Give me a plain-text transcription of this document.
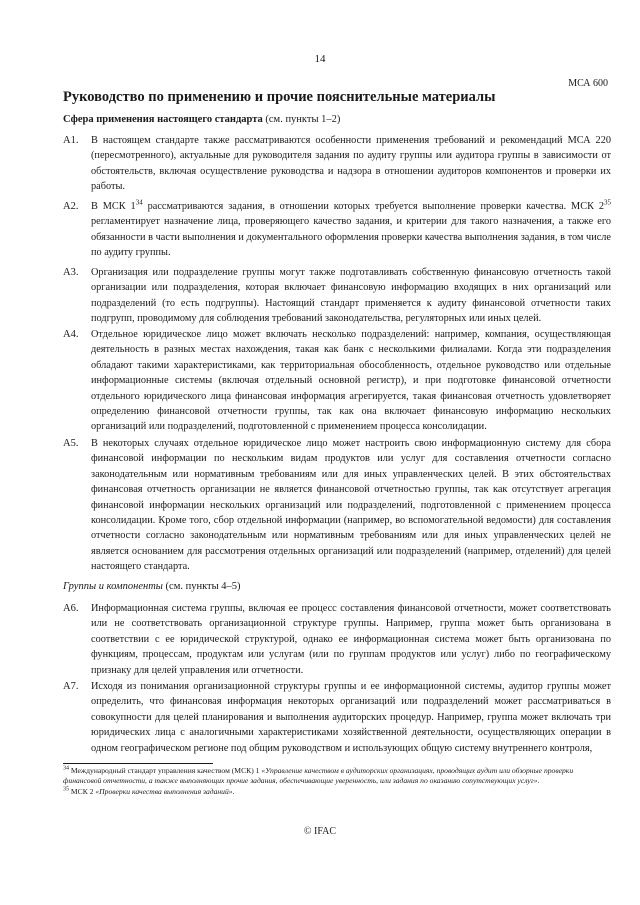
14
МСА 600
Руководство по применению и прочие пояснительные материалы
Сфера применения настоящего стандарта (см. пункты 1–2)
A1.	В настоящем стандарте также рассматриваются особенности применения требований и рекомендаций МСА 220 (пересмотренного), актуальные для руководителя задания по аудиту группы или аудитора группы в зависимости от обстоятельств, включая осуществление руководства и надзора в отношении аудиторов компонентов и проверки их работы.
A2.	В МСК $1^{34}$ рассматриваются задания, в отношении которых требуется выполнение проверки качества. МСК $2^{35}$ регламентирует назначение лица, проверяющего качество задания, и критерии для такого назначения, а также его обязанности в части выполнения и документального оформления проверки качества выполнения задания, в том числе по аудиту группы.
A3.	Организация или подразделение группы могут также подготавливать собственную финансовую отчетность такой организации или подразделения, которая включает финансовую информацию входящих в них организаций или подразделений (то есть подгруппы). Настоящий стандарт применяется к аудиту финансовой отчетности таких подгрупп, проводимому для соблюдения требований законодательства, регуляторных или иных целей.
A4.	Отдельное юридическое лицо может включать несколько подразделений: например, компания, осуществляющая деятельность в разных местах нахождения, такая как банк с несколькими филиалами. Когда эти подразделения обладают такими характеристиками, как территориальная обособленность, отдельное руководство или отдельные информационные системы (включая отдельный основной регистр), и при подготовке финансовой отчетности отдельного юридического лица финансовая информация агрегируется, такая финансовая отчетность удовлетворяет определению финансовой отчетности группы, так как она включает финансовую информацию нескольких организаций или подразделений, подготовленной с применением процесса консолидации.
A5.	В некоторых случаях отдельное юридическое лицо может настроить свою информационную систему для сбора финансовой информации по нескольким видам продуктов или услуг для составления отчетности согласно законодательным или нормативным требованиям или для иных управленческих целей. В этих обстоятельствах финансовая отчетность организации не является финансовой отчетностью группы, так как отсутствует агрегация финансовой информации нескольких организаций или подразделений, подготовленной с применением процесса консолидации. Кроме того, сбор отдельной информации (например, во вспомогательной ведомости) для составления отчетности согласно законодательным или нормативным требованиям или для иных управленческих целей не является основанием для рассмотрения отдельных организаций или подразделений (например, отделений) для целей настоящего стандарта.
Группы и компоненты (см. пункты 4–5)
A6.	Информационная система группы, включая ее процесс составления финансовой отчетности, может соответствовать или не соответствовать организационной структуре группы. Например, группа может быть организована в соответствии с ее юридической структурой, однако ее информационная система может быть организована по функциям, процессам, продуктам или услугам (или по группам продуктов или услуг) либо по географическому признаку для целей управления или отчетности.
A7.	Исходя из понимания организационной структуры группы и ее информационной системы, аудитор группы может определить, что финансовая информация некоторых организаций или подразделений может рассматриваться в совокупности для целей планирования и выполнения аудиторских процедур. Например, группа может включать три юридических лица с аналогичными характеристиками хозяйственной деятельности, осуществляющих операции в одном географическом регионе под общим руководством и использующих общую систему внутреннего контроля,
$^{34}$ Международный стандарт управления качеством (МСК) 1 «Управление качеством в аудиторских организациях, проводящих аудит или обзорные проверки финансовой отчетности, а также выполняющих прочие задания, обеспечивающие уверенность, или задания по оказанию сопутствующих услуг».
$^{35}$ МСК 2 «Проверки качества выполнения заданий».
© IFAC
